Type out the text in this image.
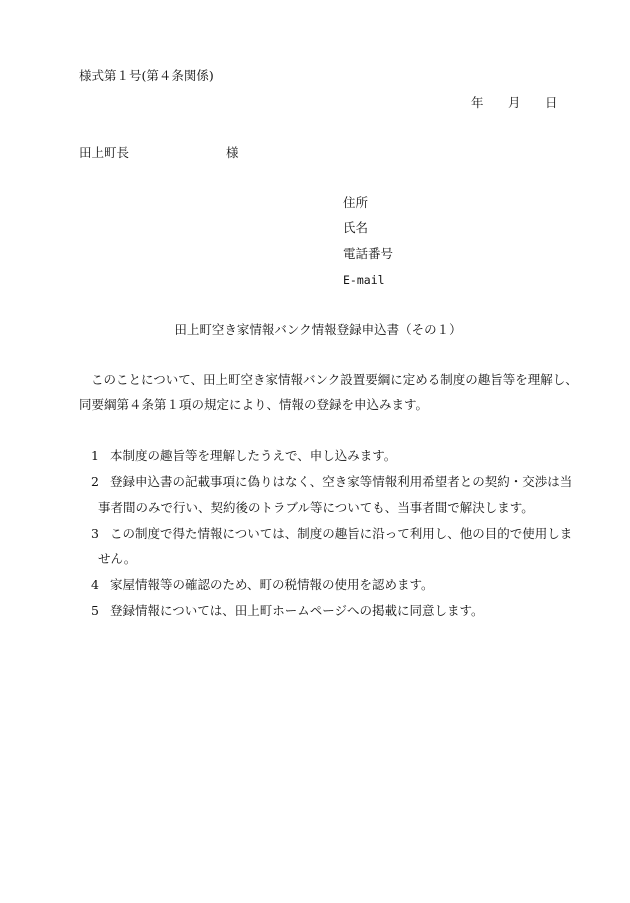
様式第１号(第４条関係)
年 月 日
田上町長	様
住所
氏名
電話番号
E-mail
田上町空き家情報バンク情報登録申込書（その１）
このことについて、田上町空き家情報バンク設置要綱に定める制度の趣旨等を理解し、
同要綱第４条第１項の規定により、情報の登録を申込みます。
1 本制度の趣旨等を理解したうえで、申し込みます。
2 登録申込書の記載事項に偽りはなく、空き家等情報利用希望者との契約・交渉は当
事者間のみで行い、契約後のトラブル等についても、当事者間で解決します。
3 この制度で得た情報については、制度の趣旨に沿って利用し、他の目的で使用しま
せん。
4 家屋情報等の確認のため、町の税情報の使用を認めます。
5 登録情報については、田上町ホームページへの掲載に同意します。
